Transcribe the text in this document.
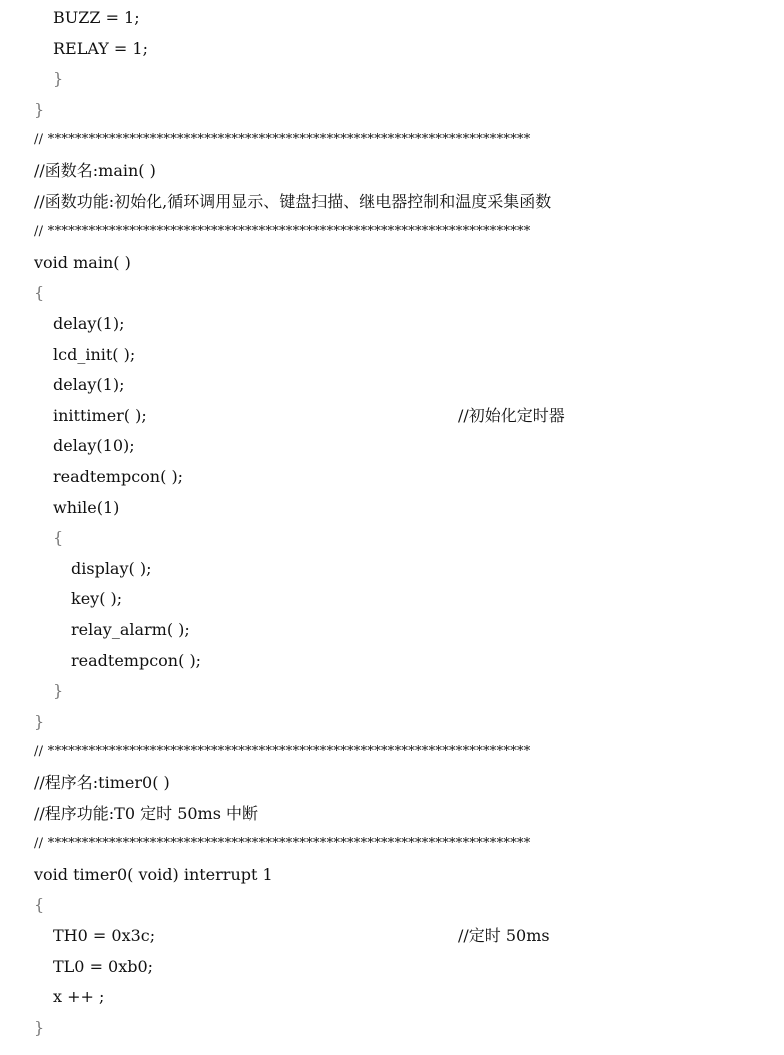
BUZZ = 1;
RELAY = 1;
}
}
// ***********************************************************************
//函数名:main( )
//函数功能:初始化,循环调用显示、键盘扫描、继电器控制和温度采集函数
// ***********************************************************************
void main( )
{
delay(1);
lcd_init( );
delay(1);
inittimer( );	//初始化定时器
delay(10);
readtempcon( );
while(1)
{
display( );
key( );
relay_alarm( );
readtempcon( );
}
}
// ***********************************************************************
//程序名:timer0( )
//程序功能:T0 定时 50ms 中断
// ***********************************************************************
void timer0( void) interrupt 1
{
TH0 = 0x3c;	//定时 50ms
TL0 = 0xb0;
x ++ ;
}
